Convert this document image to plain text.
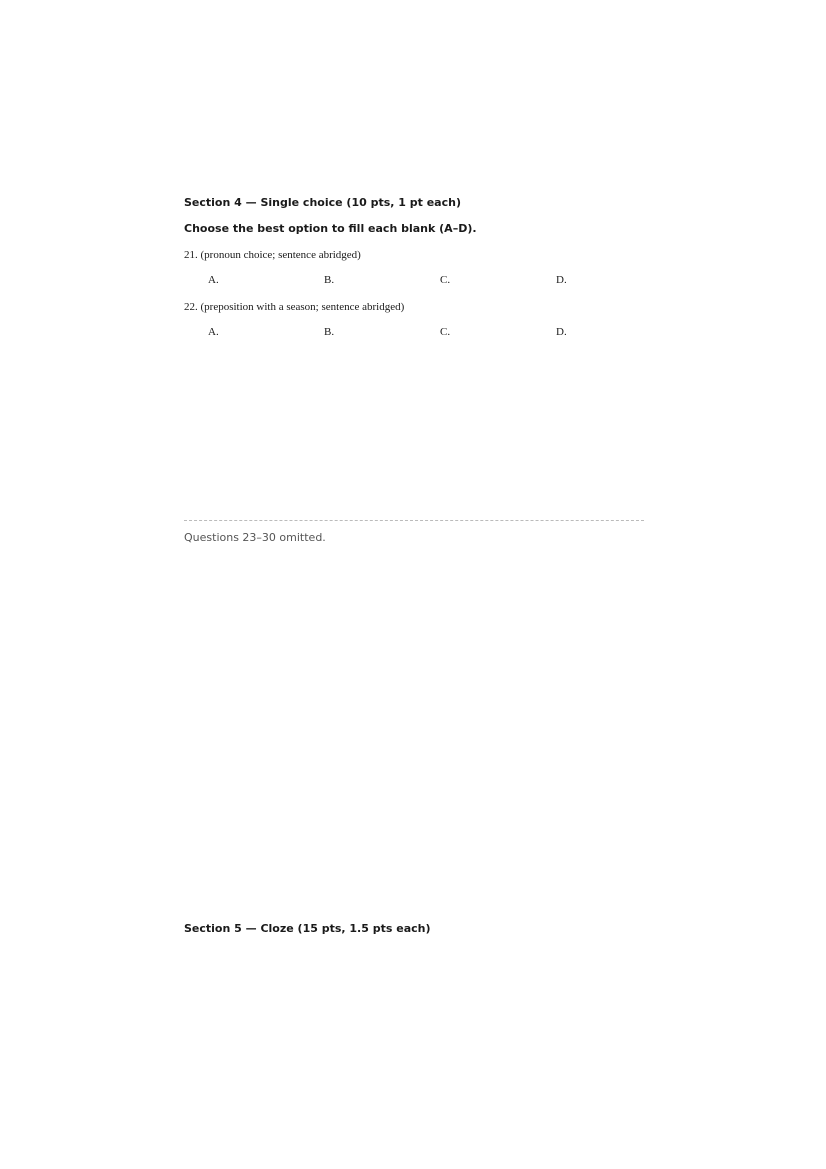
Section 4 — Single choice (10 pts, 1 pt each)
Choose the best option to fill each blank (A–D).
21. (pronoun choice; sentence abridged)
A.	B.	C.	D.
22. (preposition with a season; sentence abridged)
A.	B.	C.	D.
Questions 23–30 omitted.
Section 5 — Cloze (15 pts, 1.5 pts each)
